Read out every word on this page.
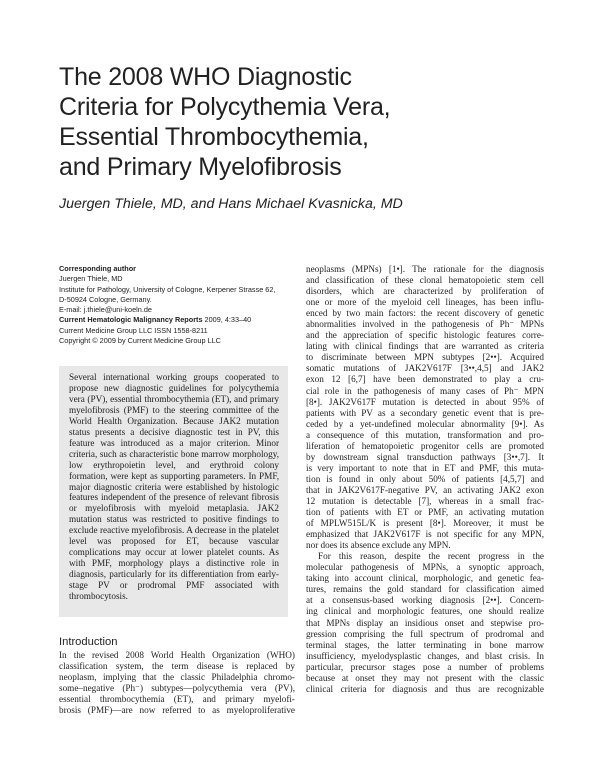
The 2008 WHO Diagnostic
Criteria for Polycythemia Vera,
Essential Thrombocythemia,
and Primary Myelofibrosis
Juergen Thiele, MD, and Hans Michael Kvasnicka, MD
Corresponding author
Juergen Thiele, MD
Institute for Pathology, University of Cologne, Kerpener Strasse 62,
D-50924 Cologne, Germany.
E-mail: j.thiele@uni-koeln.de
Current Hematologic Malignancy Reports 2009, 4:33–40
Current Medicine Group LLC ISSN 1558-8211
Copyright © 2009 by Current Medicine Group LLC
Several international working groups cooperated to propose new diagnostic guidelines for polycythemia vera (PV), essential thrombocythemia (ET), and primary myelofibrosis (PMF) to the steering committee of the World Health Organization. Because JAK2 mutation status presents a decisive diagnostic test in PV, this feature was introduced as a major criterion. Minor criteria, such as characteristic bone marrow morphology, low erythropoietin level, and erythroid colony formation, were kept as supporting parameters. In PMF, major diagnostic criteria were established by histologic features independent of the presence of relevant fibrosis or myelofibrosis with myeloid metaplasia. JAK2 mutation status was restricted to positive findings to exclude reactive myelofibrosis. A decrease in the platelet level was proposed for ET, because vascular complications may occur at lower platelet counts. As with PMF, morphology plays a distinctive role in diagnosis, particularly for its differentiation from early-stage PV or prodromal PMF associated with thrombocytosis.
Introduction
In the revised 2008 World Health Organization (WHO)
classification system, the term disease is replaced by
neoplasm, implying that the classic Philadelphia chromo-
some–negative (Ph⁻) subtypes—polycythemia vera (PV),
essential thrombocythemia (ET), and primary myelofi-
brosis (PMF)—are now referred to as myeloproliferative
neoplasms (MPNs) [1•]. The rationale for the diagnosis
and classification of these clonal hematopoietic stem cell
disorders, which are characterized by proliferation of
one or more of the myeloid cell lineages, has been influ-
enced by two main factors: the recent discovery of genetic
abnormalities involved in the pathogenesis of Ph⁻ MPNs
and the appreciation of specific histologic features corre-
lating with clinical findings that are warranted as criteria
to discriminate between MPN subtypes [2••]. Acquired
somatic mutations of JAK2V617F [3••,4,5] and JAK2
exon 12 [6,7] have been demonstrated to play a cru-
cial role in the pathogenesis of many cases of Ph⁻ MPN
[8•]. JAK2V617F mutation is detected in about 95% of
patients with PV as a secondary genetic event that is pre-
ceded by a yet-undefined molecular abnormality [9•]. As
a consequence of this mutation, transformation and pro-
liferation of hematopoietic progenitor cells are promoted
by downstream signal transduction pathways [3••,7]. It
is very important to note that in ET and PMF, this muta-
tion is found in only about 50% of patients [4,5,7] and
that in JAK2V617F-negative PV, an activating JAK2 exon
12 mutation is detectable [7], whereas in a small frac-
tion of patients with ET or PMF, an activating mutation
of MPLW515L/K is present [8•]. Moreover, it must be
emphasized that JAK2V617F is not specific for any MPN,
nor does its absence exclude any MPN.
For this reason, despite the recent progress in the
molecular pathogenesis of MPNs, a synoptic approach,
taking into account clinical, morphologic, and genetic fea-
tures, remains the gold standard for classification aimed
at a consensus-based working diagnosis [2••]. Concern-
ing clinical and morphologic features, one should realize
that MPNs display an insidious onset and stepwise pro-
gression comprising the full spectrum of prodromal and
terminal stages, the latter terminating in bone marrow
insufficiency, myelodysplastic changes, and blast crisis. In
particular, precursor stages pose a number of problems
because at onset they may not present with the classic
clinical criteria for diagnosis and thus are recognizable
